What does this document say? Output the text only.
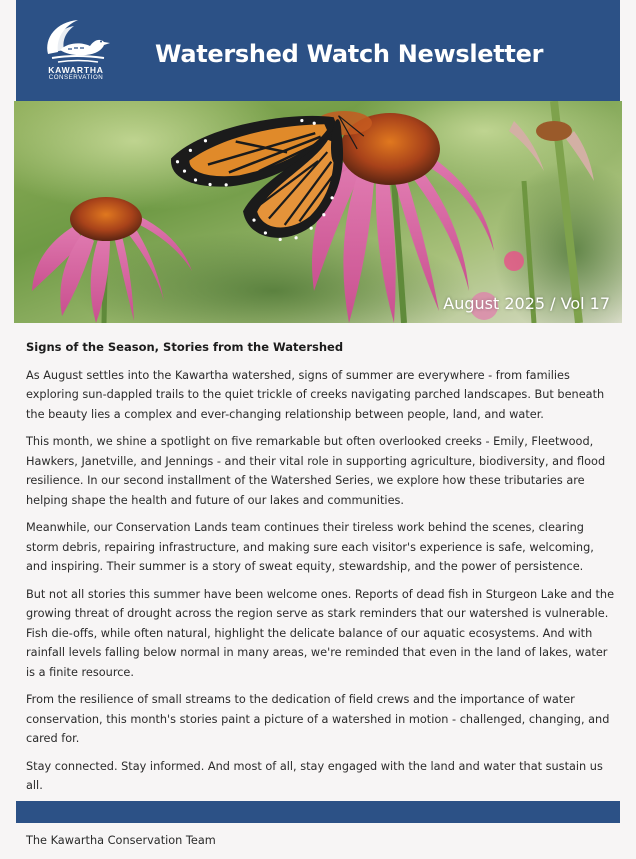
KAWARTHA
CONSERVATION
Watershed Watch Newsletter
August 2025 / Vol 17

Signs of the Season, Stories from the Watershed

As August settles into the Kawartha watershed, signs of summer are everywhere - from families exploring sun-dappled trails to the quiet trickle of creeks navigating parched landscapes. But beneath the beauty lies a complex and ever-changing relationship between people, land, and water.

This month, we shine a spotlight on five remarkable but often overlooked creeks - Emily, Fleetwood, Hawkers, Janetville, and Jennings - and their vital role in supporting agriculture, biodiversity, and flood resilience. In our second installment of the Watershed Series, we explore how these tributaries are helping shape the health and future of our lakes and communities.

Meanwhile, our Conservation Lands team continues their tireless work behind the scenes, clearing storm debris, repairing infrastructure, and making sure each visitor's experience is safe, welcoming, and inspiring. Their summer is a story of sweat equity, stewardship, and the power of persistence.

But not all stories this summer have been welcome ones. Reports of dead fish in Sturgeon Lake and the growing threat of drought across the region serve as stark reminders that our watershed is vulnerable. Fish die-offs, while often natural, highlight the delicate balance of our aquatic ecosystems. And with rainfall levels falling below normal in many areas, we're reminded that even in the land of lakes, water is a finite resource.

From the resilience of small streams to the dedication of field crews and the importance of water conservation, this month's stories paint a picture of a watershed in motion - challenged, changing, and cared for.

Stay connected. Stay informed. And most of all, stay engaged with the land and water that sustain us all.

The Kawartha Conservation Team
